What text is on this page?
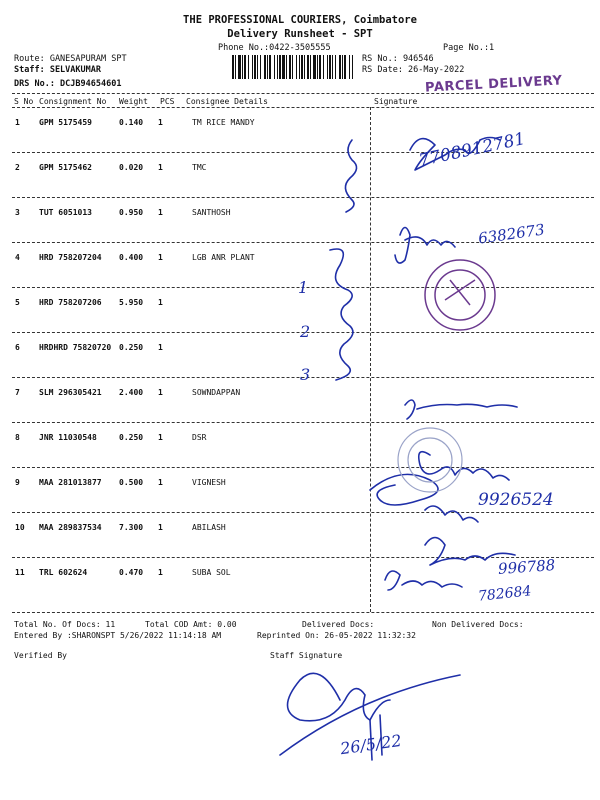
THE PROFESSIONAL COURIERS, Coimbatore
Delivery Runsheet - SPT
Phone No.:0422-3505555	Page No.:1
Route: GANESAPURAM SPT
Staff: SELVAKUMAR
DRS No.: DCJB94654601
RS No.: 946546
RS Date: 26-May-2022
PARCEL DELIVERY
S No Consignment No Weight PCS Consignee Details	Signature
1 GPM 5175459	0.140 1	TM RICE MANDY
2 GPM 5175462	0.020 1	TMC
3 TUT 6051013	0.950 1	SANTHOSH
4 HRD 758207204 0.400 1	LGB ANR PLANT
5 HRD 758207206 5.950 1
6 HRDHRD 75820720 0.250 1
7 SLM 296305421 2.400 1	SOWNDAPPAN
8 JNR 11030548	0.250 1	DSR
9 MAA 281013877 0.500 1	VIGNESH
10 MAA 289837534 7.300 1	ABILASH
11 TRL 602624	0.470 1	SUBA SOL
Total No. Of Docs: 11	Total COD Amt: 0.00	Delivered Docs:	Non Delivered Docs:
Entered By :SHARONSPT 5/26/2022 11:14:18 AM	Reprinted On: 26-05-2022 11:32:32
Verified By	Staff Signature
7708912781
6382673
9926524
996788
782684
1
2
3
26/5/22
